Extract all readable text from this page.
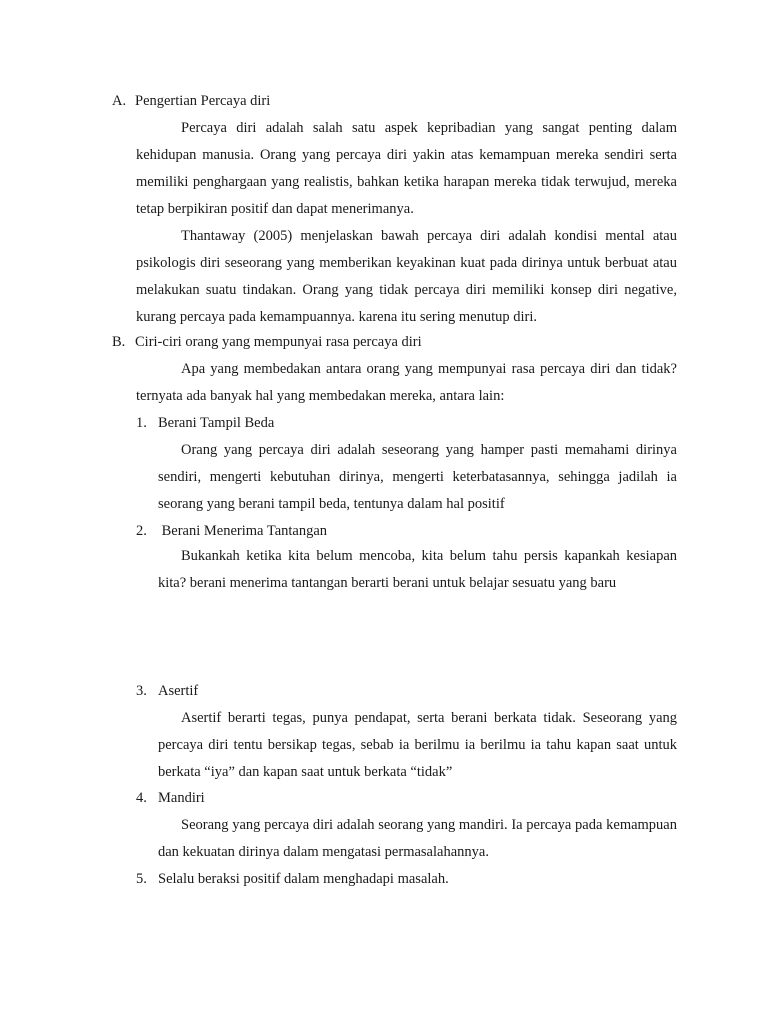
A. Pengertian Percaya diri

Percaya diri adalah salah satu aspek kepribadian yang sangat penting dalam kehidupan manusia. Orang yang percaya diri yakin atas kemampuan mereka sendiri serta memiliki penghargaan yang realistis, bahkan ketika harapan mereka tidak terwujud, mereka tetap berpikiran positif dan dapat menerimanya.

Thantaway (2005) menjelaskan bawah percaya diri adalah kondisi mental atau psikologis diri seseorang yang memberikan keyakinan kuat pada dirinya untuk berbuat atau melakukan suatu tindakan. Orang yang tidak percaya diri memiliki konsep diri negative, kurang percaya pada kemampuannya. karena itu sering menutup diri.

B. Ciri-ciri orang yang mempunyai rasa percaya diri

Apa yang membedakan antara orang yang mempunyai rasa percaya diri dan tidak? ternyata ada banyak hal yang membedakan mereka, antara lain:

1. Berani Tampil Beda

Orang yang percaya diri adalah seseorang yang hamper pasti memahami dirinya sendiri, mengerti kebutuhan dirinya, mengerti keterbatasannya, sehingga jadilah ia seorang yang berani tampil beda, tentunya dalam hal positif

2. Berani Menerima Tantangan

Bukankah ketika kita belum mencoba, kita belum tahu persis kapankah kesiapan kita? berani menerima tantangan berarti berani untuk belajar sesuatu yang baru

3. Asertif

Asertif berarti tegas, punya pendapat, serta berani berkata tidak. Seseorang yang percaya diri tentu bersikap tegas, sebab ia berilmu ia berilmu ia tahu kapan saat untuk berkata “iya” dan kapan saat untuk berkata “tidak”

4. Mandiri

Seorang yang percaya diri adalah seorang yang mandiri. Ia percaya pada kemampuan dan kekuatan dirinya dalam mengatasi permasalahannya.

5. Selalu beraksi positif dalam menghadapi masalah.
